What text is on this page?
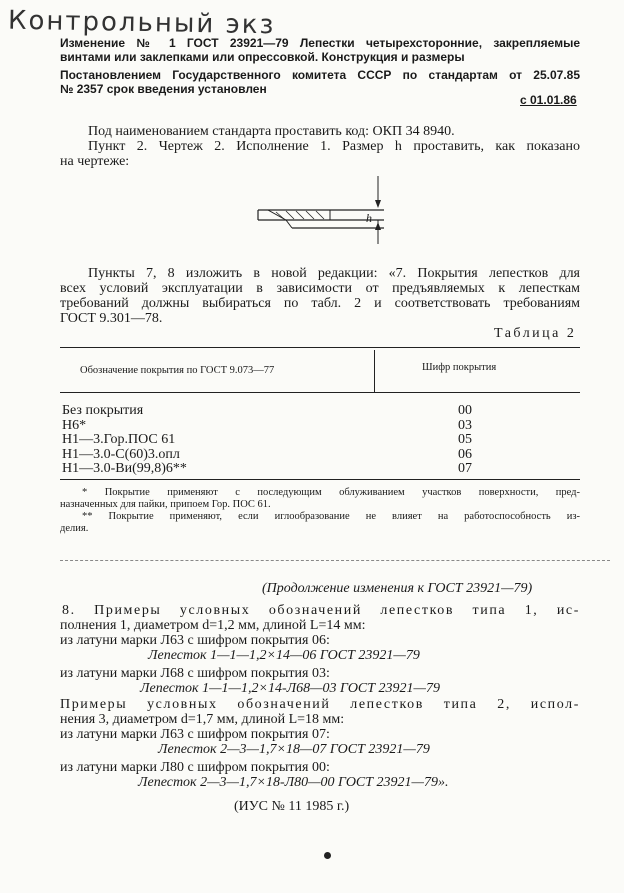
Контрольный экз
Изменение № 1 ГОСТ 23921—79 Лепестки четырехсторонние, закрепляемые
винтами или заклепками или опрессовкой. Конструкция и размеры
Постановлением Государственного комитета СССР по стандартам от 25.07.85
№ 2357 срок введения установлен
с 01.01.86
Под наименованием стандарта проставить код: ОКП 34 8940.
Пункт 2. Чертеж 2. Исполнение 1. Размер h проставить, как показано
на чертеже:
h
Пункты 7, 8 изложить в новой редакции: «7. Покрытия лепестков для
всех условий эксплуатации в зависимости от предъявляемых к лепесткам
требований должны выбираться по табл. 2 и соответствовать требованиям
ГОСТ 9.301—78.
Таблица 2
Обозначение покрытия по ГОСТ 9.073—77	Шифр покрытия
Без покрытия
Н6*
Н1—3.Гор.ПОС 61
Н1—3.0-С(60)3.опл
Н1—3.0-Ви(99,8)6**
00
03
05
06
07
* Покрытие применяют с последующим облуживанием участков поверхности, пред-
назначенных для пайки, припоем Гор. ПОС 61.
** Покрытие применяют, если иглообразование не влияет на работоспособность из-
делия.
(Продолжение изменения к ГОСТ 23921—79)
8. Примеры условных обозначений лепестков типа 1, ис-
полнения 1, диаметром d=1,2 мм, длиной L=14 мм:
из латуни марки Л63 с шифром покрытия 06:
Лепесток 1—1—1,2×14—06 ГОСТ 23921—79
из латуни марки Л68 с шифром покрытия 03:
Лепесток 1—1—1,2×14-Л68—03 ГОСТ 23921—79
Примеры условных обозначений лепестков типа 2, испол-
нения 3, диаметром d=1,7 мм, длиной L=18 мм:
из латуни марки Л63 с шифром покрытия 07:
Лепесток 2—3—1,7×18—07 ГОСТ 23921—79
из латуни марки Л80 с шифром покрытия 00:
Лепесток 2—3—1,7×18-Л80—00 ГОСТ 23921—79».
(ИУС № 11 1985 г.)
